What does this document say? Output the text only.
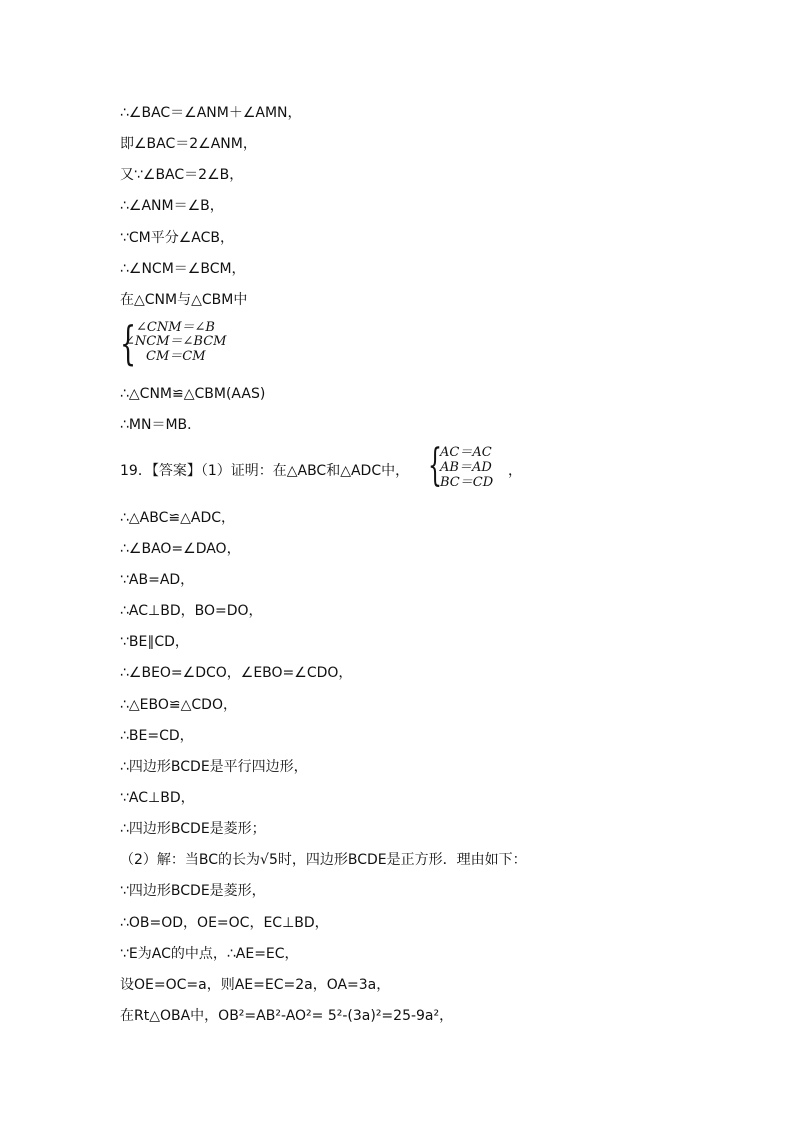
∴∠BAC＝∠ANM＋∠AMN，
即∠BAC＝2∠ANM，
又∵∠BAC＝2∠B，
∴∠ANM＝∠B，
∵CM平分∠ACB，
∴∠NCM＝∠BCM，
在△CNM与△CBM中
{ ∠CNM＝∠B
∠NCM＝∠BCM
CM＝CM
∴△CNM≌△CBM(AAS)
∴MN＝MB．
19．【答案】（1）证明：在△ABC和△ADC中， {
AC＝AC
AB＝AD
BC＝CD
，
∴△ABC≌△ADC，
∴∠BAO=∠DAO，
∵AB=AD，
∴AC⊥BD，BO=DO，
∵BE∥CD，
∴∠BEO=∠DCO，∠EBO=∠CDO，
∴△EBO≌△CDO，
∴BE=CD，
∴四边形BCDE是平行四边形，
∵AC⊥BD，
∴四边形BCDE是菱形；
（2）解：当BC的长为√5时，四边形BCDE是正方形．理由如下：
∵四边形BCDE是菱形，
∴OB=OD，OE=OC，EC⊥BD，
∵E为AC的中点，∴AE=EC，
设OE=OC=a，则AE=EC=2a，OA=3a，
在Rt△OBA中，OB²=AB²-AO²= 5²-(3a)²=25-9a²，
